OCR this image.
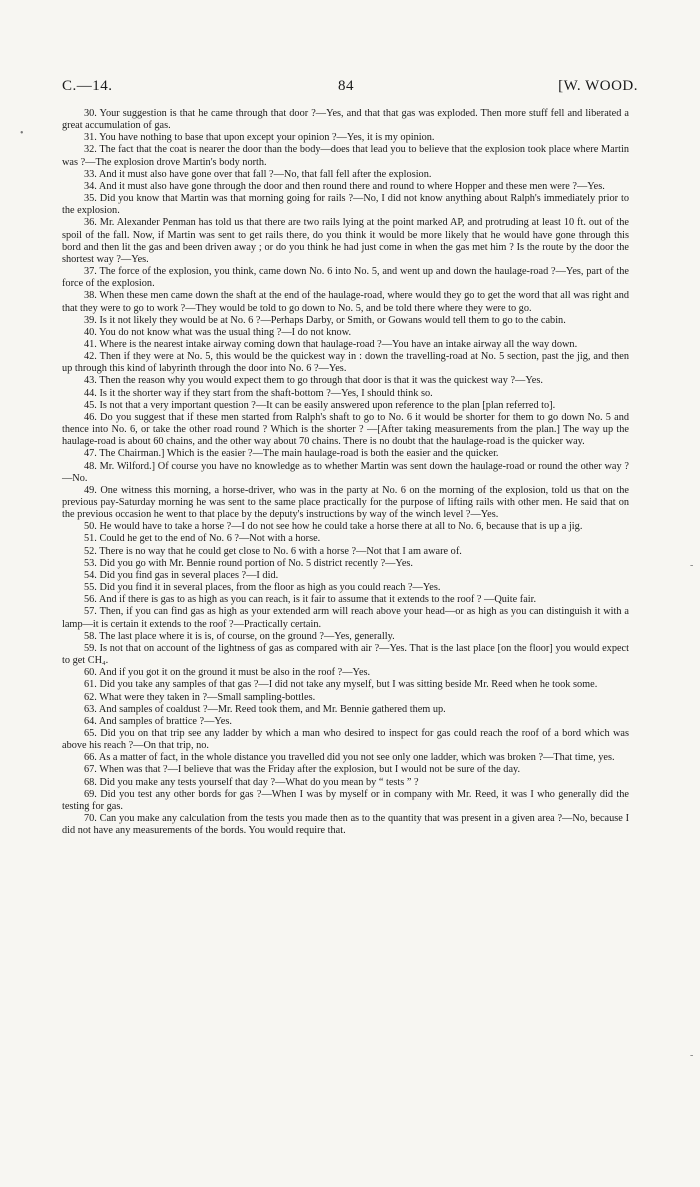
C.—14.	84	[W. WOOD.
•
-
-

30. Your suggestion is that he came through that door ?—Yes, and that that gas was exploded. Then more stuff fell and liberated a great accumulation of gas.

31. You have nothing to base that upon except your opinion ?—Yes, it is my opinion.

32. The fact that the coat is nearer the door than the body—does that lead you to believe that the explosion took place where Martin was ?—The explosion drove Martin's body north.

33. And it must also have gone over that fall ?—No, that fall fell after the explosion.

34. And it must also have gone through the door and then round there and round to where Hopper and these men were ?—Yes.

35. Did you know that Martin was that morning going for rails ?—No, I did not know anything about Ralph's immediately prior to the explosion.

36. Mr. Alexander Penman has told us that there are two rails lying at the point marked AP, and protruding at least 10 ft. out of the spoil of the fall. Now, if Martin was sent to get rails there, do you think it would be more likely that he would have gone through this bord and then lit the gas and been driven away ; or do you think he had just come in when the gas met him ? Is the route by the door the shortest way ?—Yes.

37. The force of the explosion, you think, came down No. 6 into No. 5, and went up and down the haulage-road ?—Yes, part of the force of the explosion.

38. When these men came down the shaft at the end of the haulage-road, where would they go to get the word that all was right and that they were to go to work ?—They would be told to go down to No. 5, and be told there where they were to go.

39. Is it not likely they would be at No. 6 ?—Perhaps Darby, or Smith, or Gowans would tell them to go to the cabin.

40. You do not know what was the usual thing ?—I do not know.

41. Where is the nearest intake airway coming down that haulage-road ?—You have an intake airway all the way down.

42. Then if they were at No. 5, this would be the quickest way in : down the travelling-road at No. 5 section, past the jig, and then up through this kind of labyrinth through the door into No. 6 ?—Yes.

43. Then the reason why you would expect them to go through that door is that it was the quickest way ?—Yes.

44. Is it the shorter way if they start from the shaft-bottom ?—Yes, I should think so.

45. Is not that a very important question ?—It can be easily answered upon reference to the plan [plan referred to].

46. Do you suggest that if these men started from Ralph's shaft to go to No. 6 it would be shorter for them to go down No. 5 and thence into No. 6, or take the other road round ? Which is the shorter ? —[After taking measurements from the plan.] The way up the haulage-road is about 60 chains, and the other way about 70 chains. There is no doubt that the haulage-road is the quicker way.

47. The Chairman.] Which is the easier ?—The main haulage-road is both the easier and the quicker.

48. Mr. Wilford.] Of course you have no knowledge as to whether Martin was sent down the haulage-road or round the other way ?—No.

49. One witness this morning, a horse-driver, who was in the party at No. 6 on the morning of the explosion, told us that on the previous pay-Saturday morning he was sent to the same place practically for the purpose of lifting rails with other men. He said that on the previous occasion he went to that place by the deputy's instructions by way of the winch level ?—Yes.

50. He would have to take a horse ?—I do not see how he could take a horse there at all to No. 6, because that is up a jig.

51. Could he get to the end of No. 6 ?—Not with a horse.

52. There is no way that he could get close to No. 6 with a horse ?—Not that I am aware of.

53. Did you go with Mr. Bennie round portion of No. 5 district recently ?—Yes.

54. Did you find gas in several places ?—I did.

55. Did you find it in several places, from the floor as high as you could reach ?—Yes.

56. And if there is gas to as high as you can reach, is it fair to assume that it extends to the roof ? —Quite fair.

57. Then, if you can find gas as high as your extended arm will reach above your head—or as high as you can distinguish it with a lamp—it is certain it extends to the roof ?—Practically certain.

58. The last place where it is is, of course, on the ground ?—Yes, generally.

59. Is not that on account of the lightness of gas as compared with air ?—Yes. That is the last place [on the floor] you would expect to get CH₄.

60. And if you got it on the ground it must be also in the roof ?—Yes.

61. Did you take any samples of that gas ?—I did not take any myself, but I was sitting beside Mr. Reed when he took some.

62. What were they taken in ?—Small sampling-bottles.

63. And samples of coaldust ?—Mr. Reed took them, and Mr. Bennie gathered them up.

64. And samples of brattice ?—Yes.

65. Did you on that trip see any ladder by which a man who desired to inspect for gas could reach the roof of a bord which was above his reach ?—On that trip, no.

66. As a matter of fact, in the whole distance you travelled did you not see only one ladder, which was broken ?—That time, yes.

67. When was that ?—I believe that was the Friday after the explosion, but I would not be sure of the day.

68. Did you make any tests yourself that day ?—What do you mean by “ tests ” ?

69. Did you test any other bords for gas ?—When I was by myself or in company with Mr. Reed, it was I who generally did the testing for gas.

70. Can you make any calculation from the tests you made then as to the quantity that was present in a given area ?—No, because I did not have any measurements of the bords. You would require that.
